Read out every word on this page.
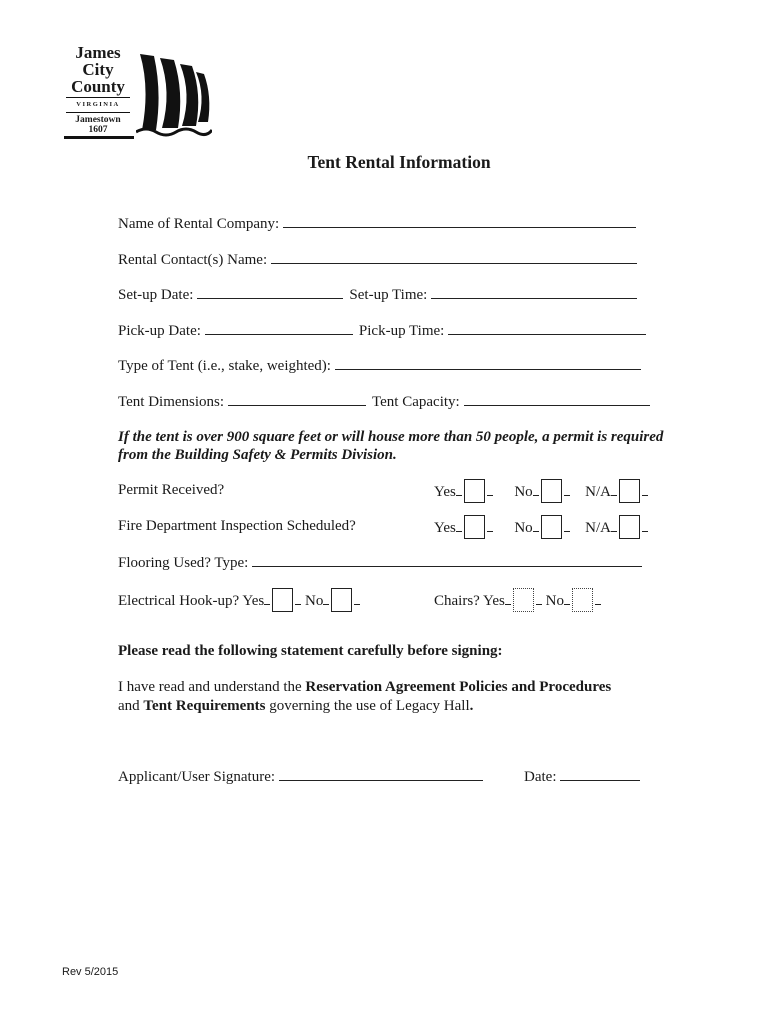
James
City
County
VIRGINIA
Jamestown
1607
Tent Rental Information
Name of Rental Company:
Rental Contact(s) Name:
Set-up Date:	Set-up Time:
Pick-up Date:	Pick-up Time:
Type of Tent (i.e., stake, weighted):
Tent Dimensions:	Tent Capacity:
If the tent is over 900 square feet or will house more than 50 people, a permit is required
from the Building Safety & Permits Division.
Permit Received?	Yes	No	N/A
Fire Department Inspection Scheduled?	Yes	No	N/A
Flooring Used? Type:
Electrical Hook-up? Yes	No	Chairs? Yes	No
Please read the following statement carefully before signing:
I have read and understand the Reservation Agreement Policies and Procedures
and Tent Requirements governing the use of Legacy Hall.
Applicant/User Signature:	Date:
Rev 5/2015
